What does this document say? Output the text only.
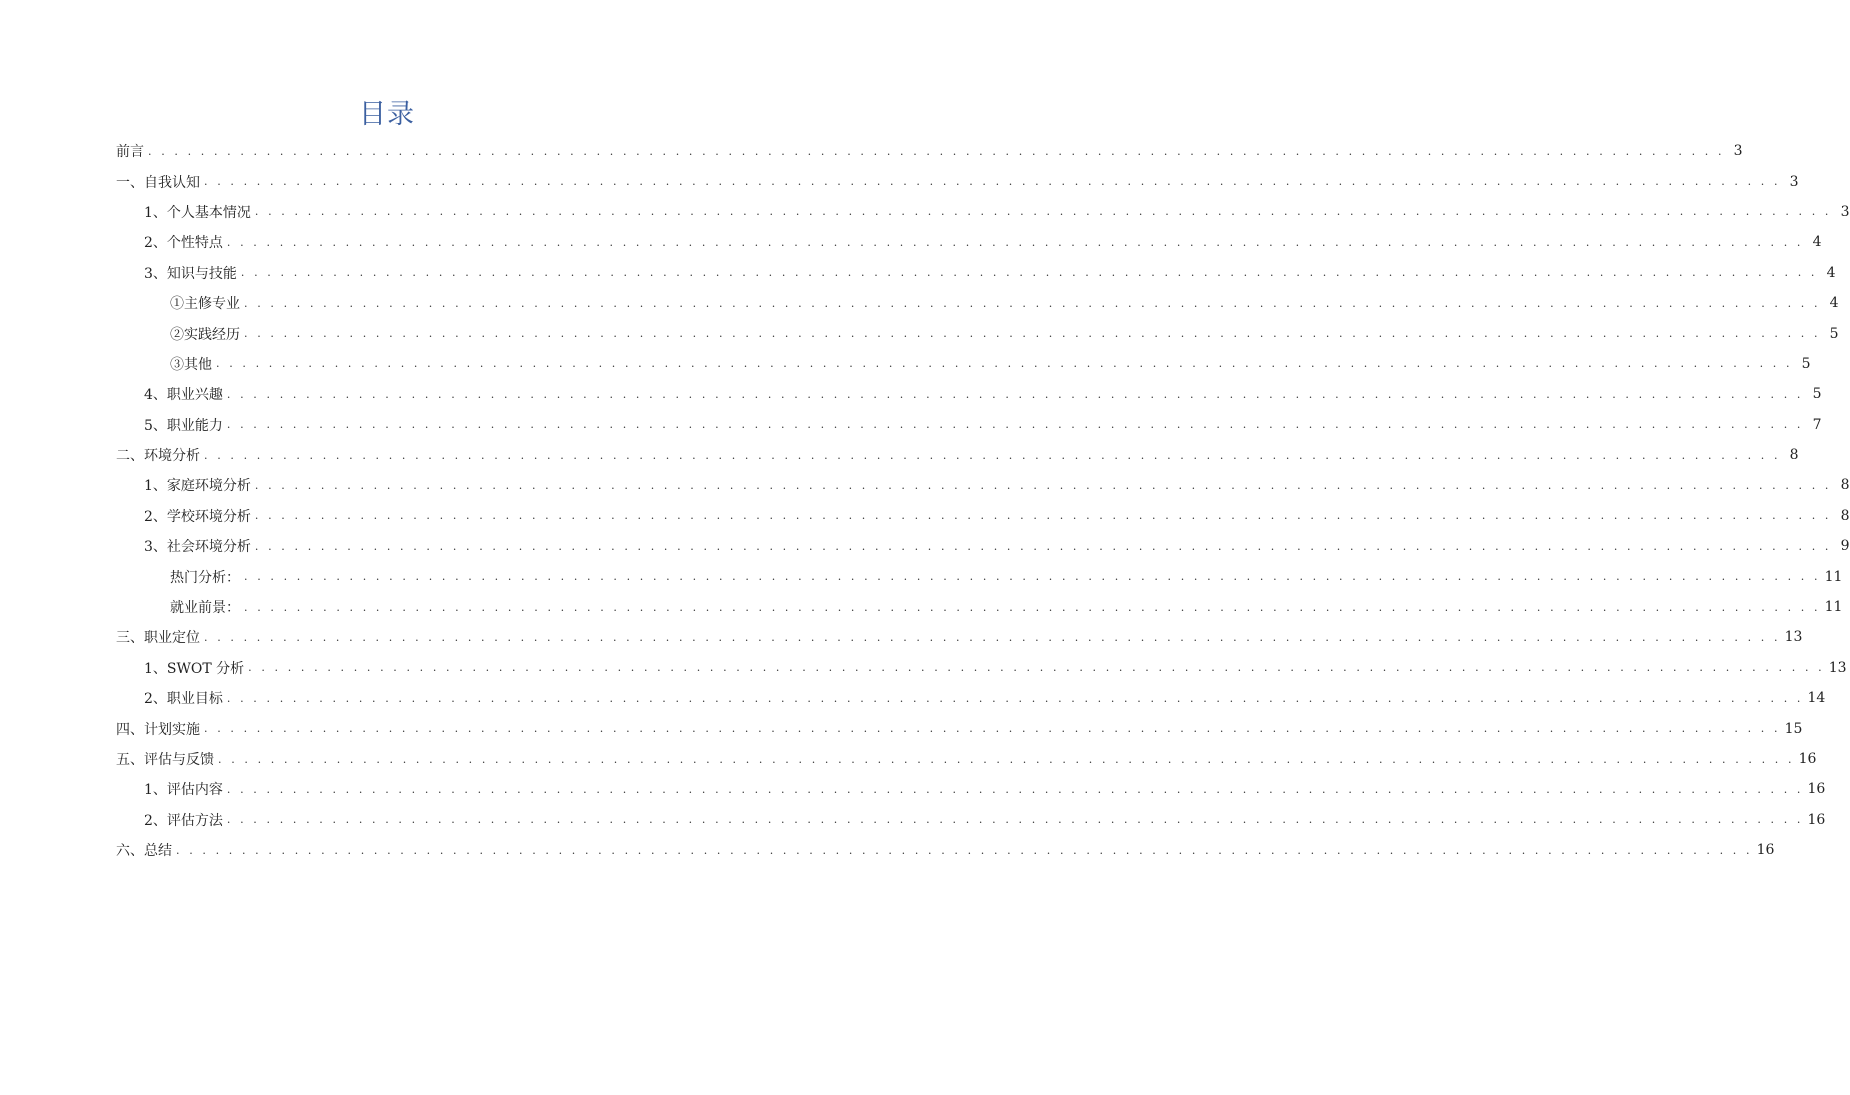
目录
前言 . . . . . . . . . . . . . . . . . . . . . . . . . . . . . . . . . . . . . . . . . . . . . . . . . . . . . . . . . . . . . . . . . . . . . . . . . . . . . . . . . . . . . . . . . . . . . . . . . . . . . . . . . . . . . . . . . . . . . . . . 3
一、自我认知 . . . . . . . . . . . . . . . . . . . . . . . . . . . . . . . . . . . . . . . . . . . . . . . . . . . . . . . . . . . . . . . . . . . . . . . . . . . . . . . . . . . . . . . . . . . . . . . . . . . . . . . . . . . . . . . . . . . . . . . . 3
1、个人基本情况 . . . . . . . . . . . . . . . . . . . . . . . . . . . . . . . . . . . . . . . . . . . . . . . . . . . . . . . . . . . . . . . . . . . . . . . . . . . . . . . . . . . . . . . . . . . . . . . . . . . . . . . . . . . . . . . . . . . . . . . . 3
2、个性特点 . . . . . . . . . . . . . . . . . . . . . . . . . . . . . . . . . . . . . . . . . . . . . . . . . . . . . . . . . . . . . . . . . . . . . . . . . . . . . . . . . . . . . . . . . . . . . . . . . . . . . . . . . . . . . . . . . . . . . . . . 4
3、知识与技能 . . . . . . . . . . . . . . . . . . . . . . . . . . . . . . . . . . . . . . . . . . . . . . . . . . . . . . . . . . . . . . . . . . . . . . . . . . . . . . . . . . . . . . . . . . . . . . . . . . . . . . . . . . . . . . . . . . . . . . . . 4
①主修专业 . . . . . . . . . . . . . . . . . . . . . . . . . . . . . . . . . . . . . . . . . . . . . . . . . . . . . . . . . . . . . . . . . . . . . . . . . . . . . . . . . . . . . . . . . . . . . . . . . . . . . . . . . . . . . . . . . . . . . . . . 4
②实践经历 . . . . . . . . . . . . . . . . . . . . . . . . . . . . . . . . . . . . . . . . . . . . . . . . . . . . . . . . . . . . . . . . . . . . . . . . . . . . . . . . . . . . . . . . . . . . . . . . . . . . . . . . . . . . . . . . . . . . . . . . 5
③其他 . . . . . . . . . . . . . . . . . . . . . . . . . . . . . . . . . . . . . . . . . . . . . . . . . . . . . . . . . . . . . . . . . . . . . . . . . . . . . . . . . . . . . . . . . . . . . . . . . . . . . . . . . . . . . . . . . . . . . . . . 5
4、职业兴趣 . . . . . . . . . . . . . . . . . . . . . . . . . . . . . . . . . . . . . . . . . . . . . . . . . . . . . . . . . . . . . . . . . . . . . . . . . . . . . . . . . . . . . . . . . . . . . . . . . . . . . . . . . . . . . . . . . . . . . . . . 5
5、职业能力 . . . . . . . . . . . . . . . . . . . . . . . . . . . . . . . . . . . . . . . . . . . . . . . . . . . . . . . . . . . . . . . . . . . . . . . . . . . . . . . . . . . . . . . . . . . . . . . . . . . . . . . . . . . . . . . . . . . . . . . . 7
二、环境分析 . . . . . . . . . . . . . . . . . . . . . . . . . . . . . . . . . . . . . . . . . . . . . . . . . . . . . . . . . . . . . . . . . . . . . . . . . . . . . . . . . . . . . . . . . . . . . . . . . . . . . . . . . . . . . . . . . . . . . . . . 8
1、家庭环境分析 . . . . . . . . . . . . . . . . . . . . . . . . . . . . . . . . . . . . . . . . . . . . . . . . . . . . . . . . . . . . . . . . . . . . . . . . . . . . . . . . . . . . . . . . . . . . . . . . . . . . . . . . . . . . . . . . . . . . . . . . 8
2、学校环境分析 . . . . . . . . . . . . . . . . . . . . . . . . . . . . . . . . . . . . . . . . . . . . . . . . . . . . . . . . . . . . . . . . . . . . . . . . . . . . . . . . . . . . . . . . . . . . . . . . . . . . . . . . . . . . . . . . . . . . . . . . 8
3、社会环境分析 . . . . . . . . . . . . . . . . . . . . . . . . . . . . . . . . . . . . . . . . . . . . . . . . . . . . . . . . . . . . . . . . . . . . . . . . . . . . . . . . . . . . . . . . . . . . . . . . . . . . . . . . . . . . . . . . . . . . . . . . 9
热门分析： . . . . . . . . . . . . . . . . . . . . . . . . . . . . . . . . . . . . . . . . . . . . . . . . . . . . . . . . . . . . . . . . . . . . . . . . . . . . . . . . . . . . . . . . . . . . . . . . . . . . . . . . . . . . . . . . . . . . . . . . 11
就业前景： . . . . . . . . . . . . . . . . . . . . . . . . . . . . . . . . . . . . . . . . . . . . . . . . . . . . . . . . . . . . . . . . . . . . . . . . . . . . . . . . . . . . . . . . . . . . . . . . . . . . . . . . . . . . . . . . . . . . . . . . 11
三、职业定位 . . . . . . . . . . . . . . . . . . . . . . . . . . . . . . . . . . . . . . . . . . . . . . . . . . . . . . . . . . . . . . . . . . . . . . . . . . . . . . . . . . . . . . . . . . . . . . . . . . . . . . . . . . . . . . . . . . . . . . . . 13
1、SWOT 分析 . . . . . . . . . . . . . . . . . . . . . . . . . . . . . . . . . . . . . . . . . . . . . . . . . . . . . . . . . . . . . . . . . . . . . . . . . . . . . . . . . . . . . . . . . . . . . . . . . . . . . . . . . . . . . . . . . . . . . . . . 13
2、职业目标 . . . . . . . . . . . . . . . . . . . . . . . . . . . . . . . . . . . . . . . . . . . . . . . . . . . . . . . . . . . . . . . . . . . . . . . . . . . . . . . . . . . . . . . . . . . . . . . . . . . . . . . . . . . . . . . . . . . . . . . . 14
四、计划实施 . . . . . . . . . . . . . . . . . . . . . . . . . . . . . . . . . . . . . . . . . . . . . . . . . . . . . . . . . . . . . . . . . . . . . . . . . . . . . . . . . . . . . . . . . . . . . . . . . . . . . . . . . . . . . . . . . . . . . . . . 15
五、评估与反馈 . . . . . . . . . . . . . . . . . . . . . . . . . . . . . . . . . . . . . . . . . . . . . . . . . . . . . . . . . . . . . . . . . . . . . . . . . . . . . . . . . . . . . . . . . . . . . . . . . . . . . . . . . . . . . . . . . . . . . . . . 16
1、评估内容 . . . . . . . . . . . . . . . . . . . . . . . . . . . . . . . . . . . . . . . . . . . . . . . . . . . . . . . . . . . . . . . . . . . . . . . . . . . . . . . . . . . . . . . . . . . . . . . . . . . . . . . . . . . . . . . . . . . . . . . . 16
2、评估方法 . . . . . . . . . . . . . . . . . . . . . . . . . . . . . . . . . . . . . . . . . . . . . . . . . . . . . . . . . . . . . . . . . . . . . . . . . . . . . . . . . . . . . . . . . . . . . . . . . . . . . . . . . . . . . . . . . . . . . . . . 16
六、总结 . . . . . . . . . . . . . . . . . . . . . . . . . . . . . . . . . . . . . . . . . . . . . . . . . . . . . . . . . . . . . . . . . . . . . . . . . . . . . . . . . . . . . . . . . . . . . . . . . . . . . . . . . . . . . . . . . . . . . . . . 16
